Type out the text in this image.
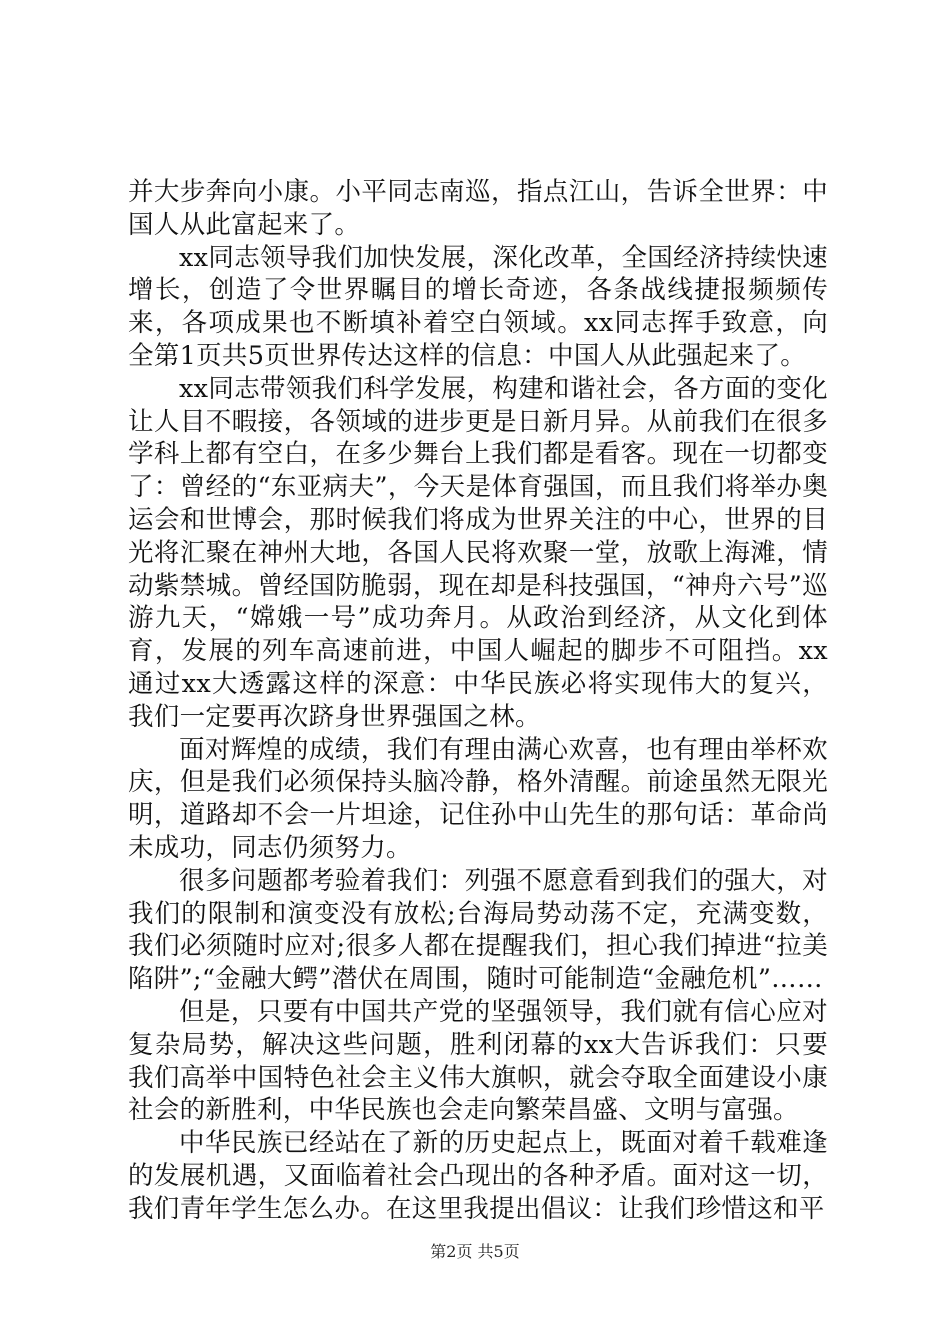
并大步奔向小康。小平同志南巡，指点江山，告诉全世界：中国人从此富起来了。

xx同志领导我们加快发展，深化改革，全国经济持续快速增长，创造了令世界瞩目的增长奇迹，各条战线捷报频频传来，各项成果也不断填补着空白领域。xx同志挥手致意，向全第1页共5页世界传达这样的信息：中国人从此强起来了。

xx同志带领我们科学发展，构建和谐社会，各方面的变化让人目不暇接，各领域的进步更是日新月异。从前我们在很多学科上都有空白，在多少舞台上我们都是看客。现在一切都变了：曾经的“东亚病夫”，今天是体育强国，而且我们将举办奥运会和世博会，那时候我们将成为世界关注的中心，世界的目光将汇聚在神州大地，各国人民将欢聚一堂，放歌上海滩，情动紫禁城。曾经国防脆弱，现在却是科技强国，“神舟六号”巡游九天，“嫦娥一号”成功奔月。从政治到经济，从文化到体育，发展的列车高速前进，中国人崛起的脚步不可阻挡。xx通过xx大透露这样的深意：中华民族必将实现伟大的复兴，我们一定要再次跻身世界强国之林。

面对辉煌的成绩，我们有理由满心欢喜，也有理由举杯欢庆，但是我们必须保持头脑冷静，格外清醒。前途虽然无限光明，道路却不会一片坦途，记住孙中山先生的那句话：革命尚未成功，同志仍须努力。

很多问题都考验着我们：列强不愿意看到我们的强大，对我们的限制和演变没有放松;台海局势动荡不定，充满变数，我们必须随时应对;很多人都在提醒我们，担心我们掉进“拉美陷阱”;“金融大鳄”潜伏在周围，随时可能制造“金融危机”……

但是，只要有中国共产党的坚强领导，我们就有信心应对复杂局势，解决这些问题，胜利闭幕的xx大告诉我们：只要我们高举中国特色社会主义伟大旗帜，就会夺取全面建设小康社会的新胜利，中华民族也会走向繁荣昌盛、文明与富强。

中华民族已经站在了新的历史起点上，既面对着千载难逢的发展机遇，又面临着社会凸现出的各种矛盾。面对这一切，我们青年学生怎么办。在这里我提出倡议：让我们珍惜这和平

第2页 共5页
